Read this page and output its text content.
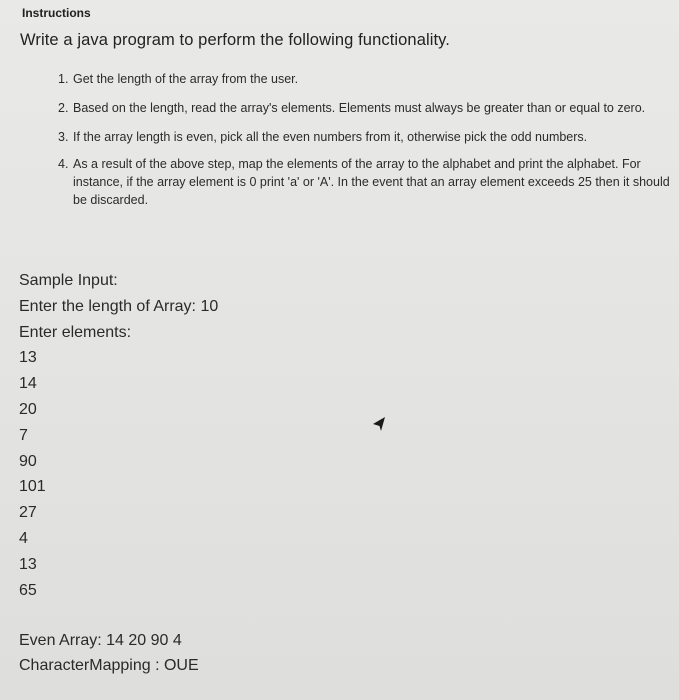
Instructions
Write a java program to perform the following functionality.
1. Get the length of the array from the user.
2. Based on the length, read the array's elements. Elements must always be greater than or equal to zero.
3. If the array length is even, pick all the even numbers from it, otherwise pick the odd numbers.
4. As a result of the above step, map the elements of the array to the alphabet and print the alphabet. For instance, if the array element is 0 print 'a' or 'A'. In the event that an array element exceeds 25 then it should be discarded.
Sample Input:
Enter the length of Array: 10
Enter elements:
13
14
20
7
90
101
27
4
13
65
Even Array: 14 20 90 4
CharacterMapping : OUE
